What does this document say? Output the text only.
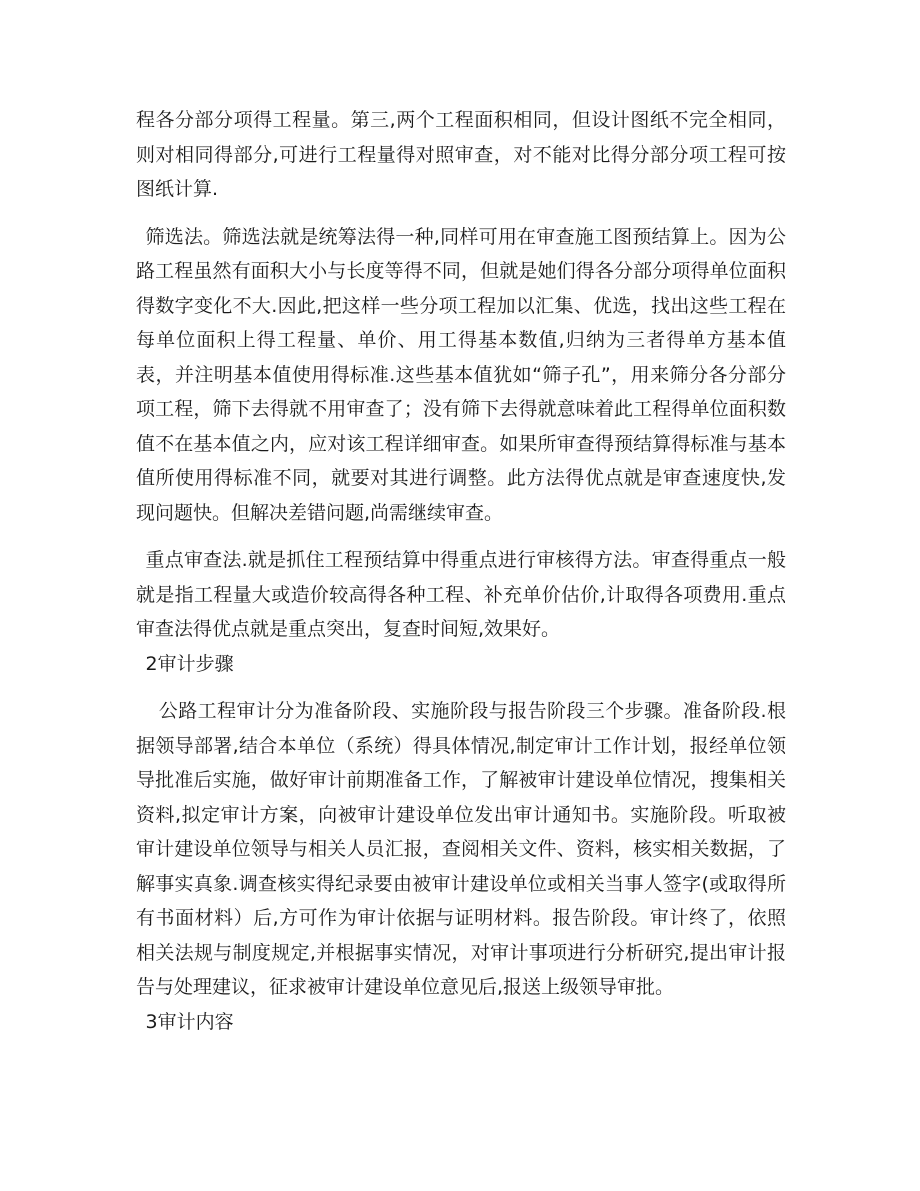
程各分部分项得工程量。第三,两个工程面积相同，但设计图纸不完全相同，则对相同得部分,可进行工程量得对照审查，对不能对比得分部分项工程可按图纸计算.

筛选法。筛选法就是统筹法得一种,同样可用在审查施工图预结算上。因为公路工程虽然有面积大小与长度等得不同，但就是她们得各分部分项得单位面积得数字变化不大.因此,把这样一些分项工程加以汇集、优选，找出这些工程在每单位面积上得工程量、单价、用工得基本数值,归纳为三者得单方基本值表，并注明基本值使用得标准.这些基本值犹如“筛子孔”，用来筛分各分部分项工程，筛下去得就不用审查了；没有筛下去得就意味着此工程得单位面积数值不在基本值之内，应对该工程详细审查。如果所审查得预结算得标准与基本值所使用得标准不同，就要对其进行调整。此方法得优点就是审查速度快,发现问题快。但解决差错问题,尚需继续审查。

重点审查法.就是抓住工程预结算中得重点进行审核得方法。审查得重点一般就是指工程量大或造价较高得各种工程、补充单价估价,计取得各项费用.重点审查法得优点就是重点突出，复查时间短,效果好。

2审计步骤

公路工程审计分为准备阶段、实施阶段与报告阶段三个步骤。准备阶段.根据领导部署,结合本单位（系统）得具体情况,制定审计工作计划，报经单位领导批准后实施，做好审计前期准备工作，了解被审计建设单位情况，搜集相关资料,拟定审计方案，向被审计建设单位发出审计通知书。实施阶段。听取被审计建设单位领导与相关人员汇报，查阅相关文件、资料，核实相关数据，了解事实真象.调查核实得纪录要由被审计建设单位或相关当事人签字(或取得所有书面材料）后,方可作为审计依据与证明材料。报告阶段。审计终了，依照相关法规与制度规定,并根据事实情况，对审计事项进行分析研究,提出审计报告与处理建议，征求被审计建设单位意见后,报送上级领导审批。

3审计内容
